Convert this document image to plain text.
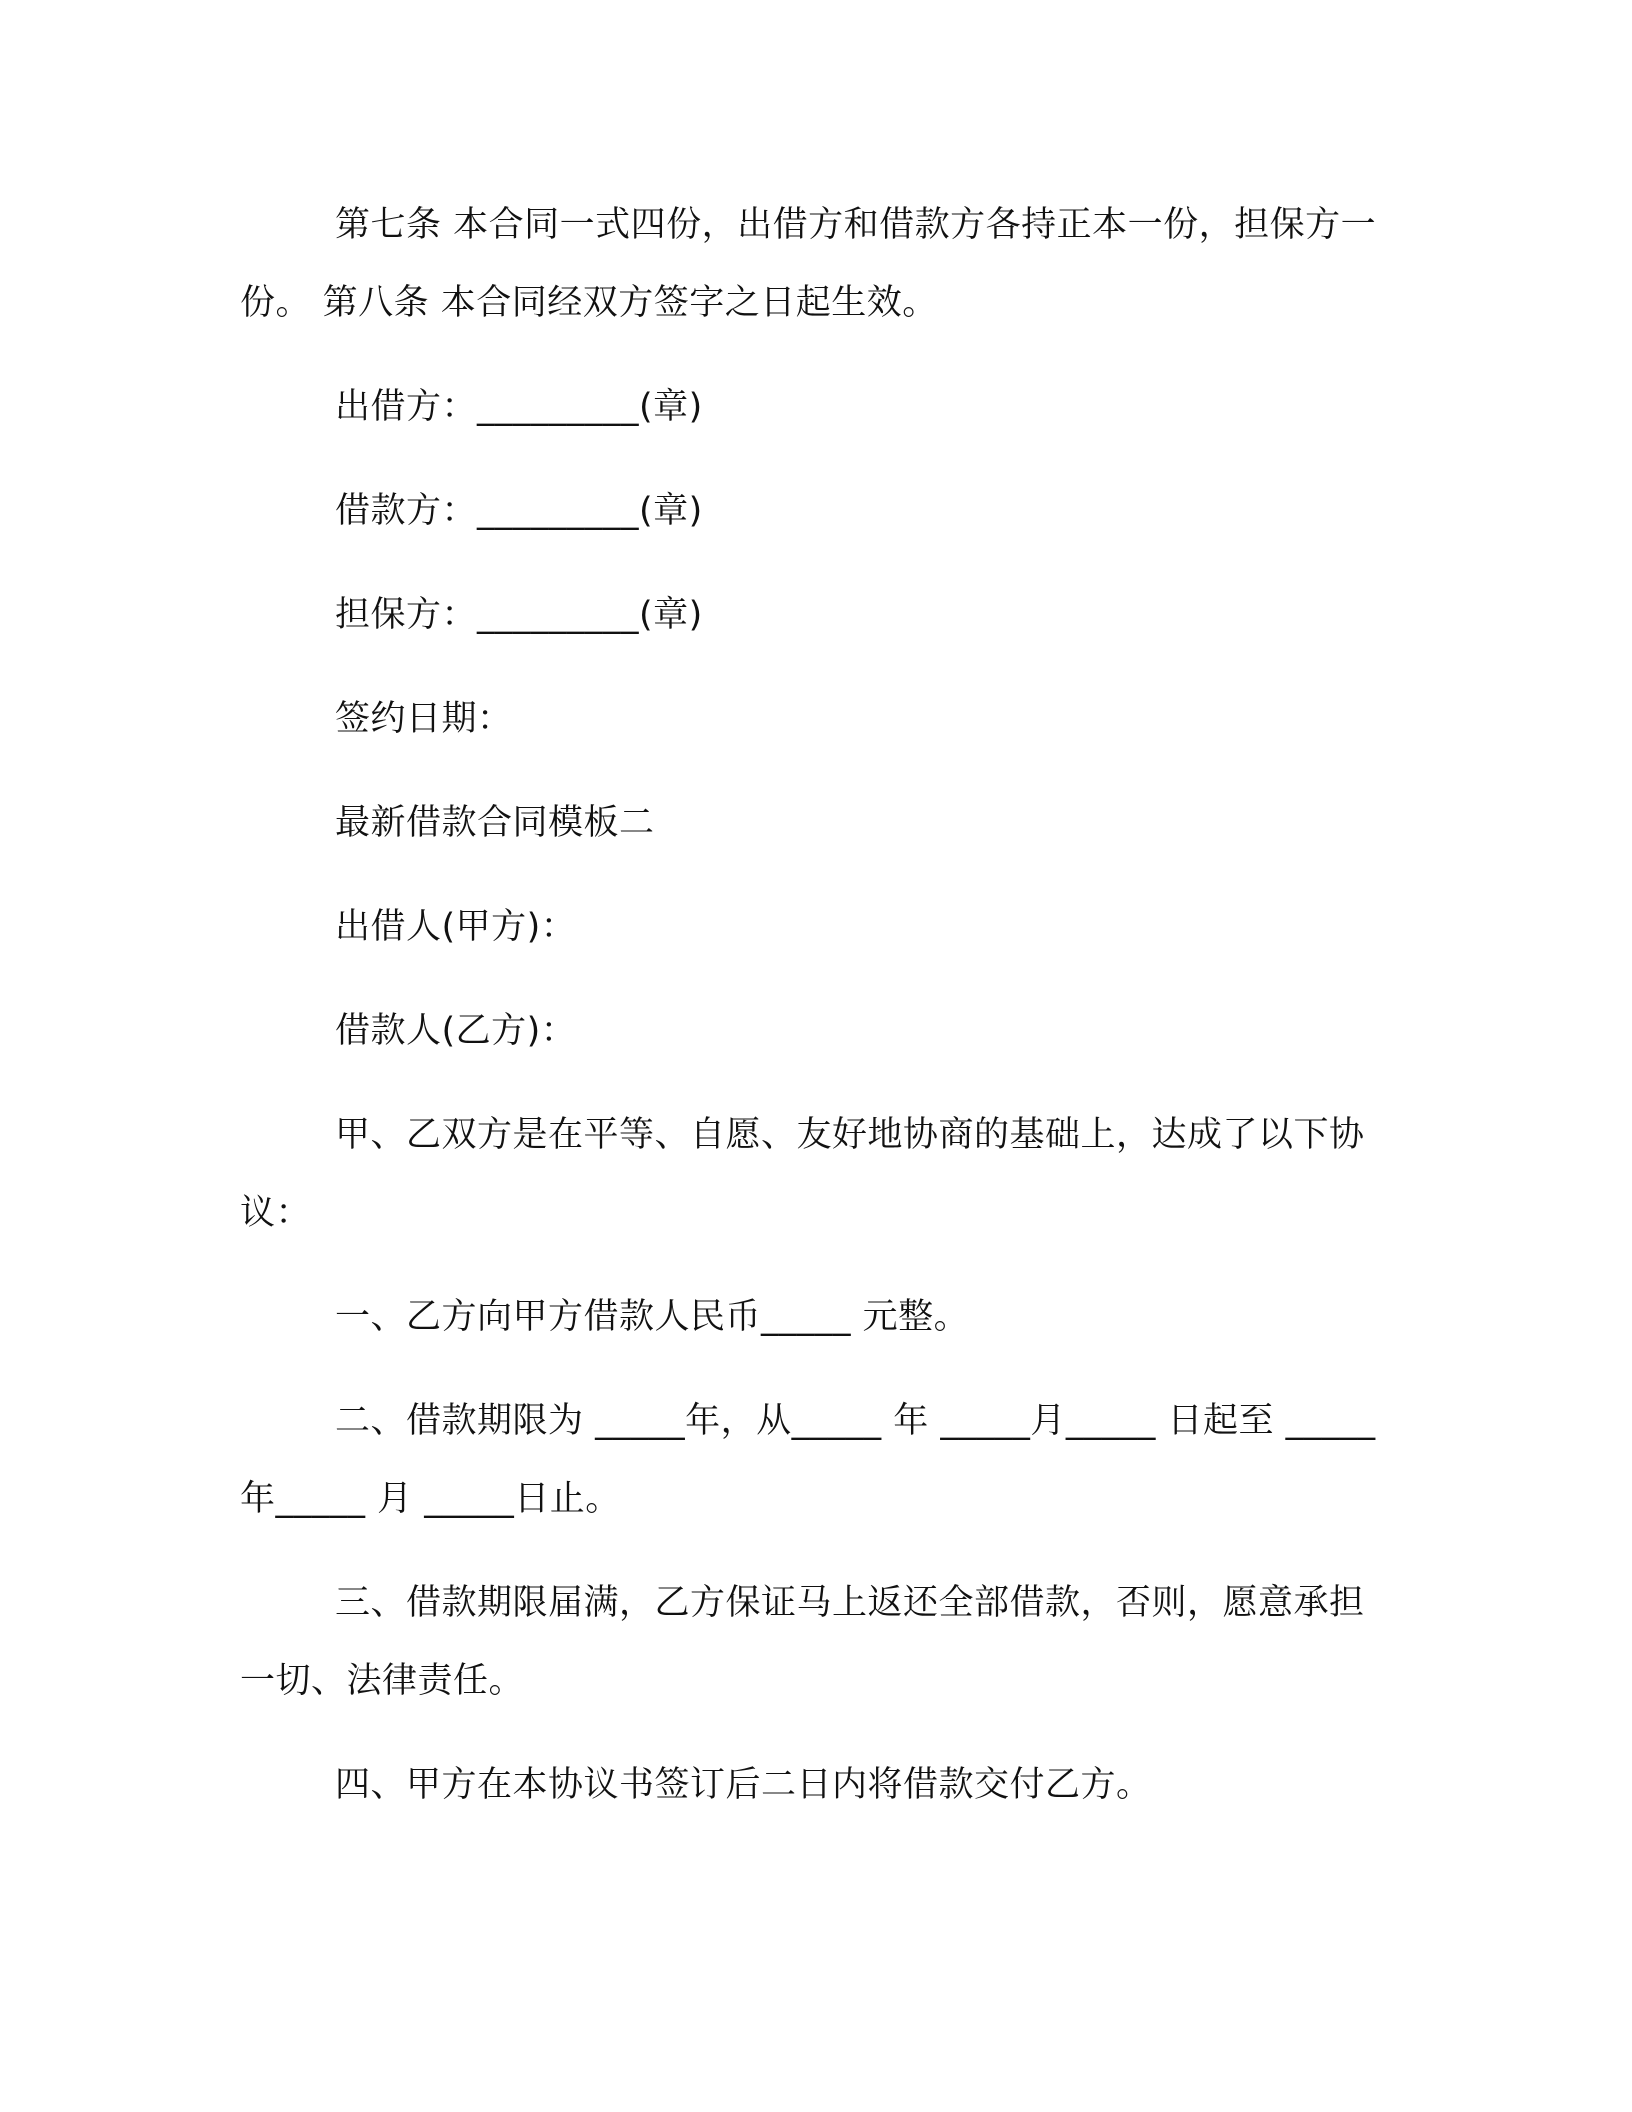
第七条 本合同一式四份，出借方和借款方各持正本一份，担保方一份。 第八条 本合同经双方签字之日起生效。

出借方：_________(章)

借款方：_________(章)

担保方：_________(章)

签约日期：

最新借款合同模板二

出借人(甲方)：

借款人(乙方)：

甲、乙双方是在平等、自愿、友好地协商的基础上，达成了以下协议：

一、乙方向甲方借款人民币_____ 元整。

二、借款期限为 _____年，从_____ 年 _____月_____ 日起至 _____ 年_____ 月 _____日止。

三、借款期限届满，乙方保证马上返还全部借款，否则，愿意承担一切、法律责任。

四、甲方在本协议书签订后二日内将借款交付乙方。
